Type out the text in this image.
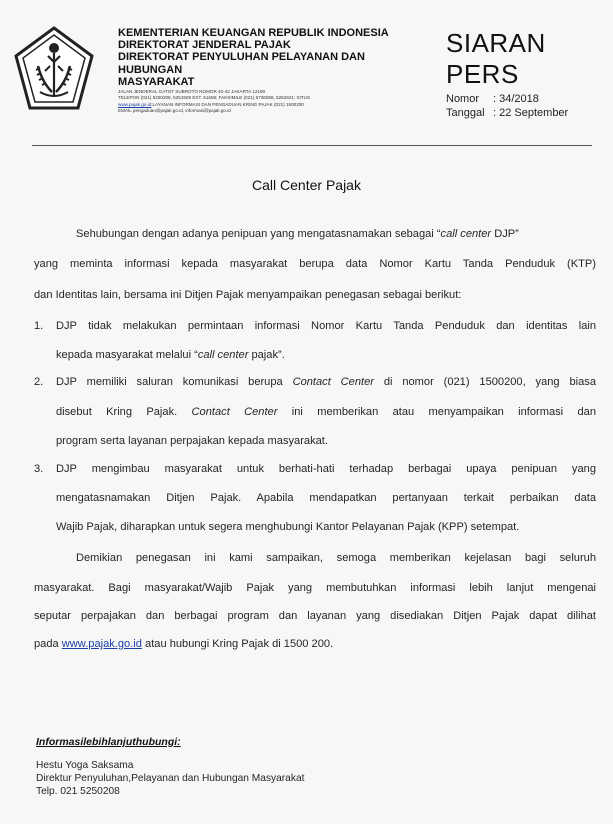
KEMENTERIAN KEUANGAN REPUBLIK INDONESIA
DIREKTORAT JENDERAL PAJAK
DIREKTORAT PENYULUHAN PELAYANAN DAN HUBUNGAN
MASYARAKAT
JALAN JENDERAL GATOT SUBROTO NOMOR 40-42 JAKARTA 12190
TELEPON (021) 5250208, 5251509 EXT. 51658; FAKSIMILE (021) 5736088, 5262921; SITUS
www.pajak.go.id;LAYANAN INFORMASI DAN PENGADUAN KRING PAJAK (021) 1500200
EMAIL pengaduan@pajak.go.id, informasi@pajak.go.id
SIARAN
PERS
Nomor	: 34/2018
Tanggal : 22 September
Call Center Pajak
Sehubungan dengan adanya penipuan yang mengatasnamakan sebagai “call center DJP”
yang meminta informasi kepada masyarakat berupa data Nomor Kartu Tanda Penduduk (KTP)
dan Identitas lain, bersama ini Ditjen Pajak menyampaikan penegasan sebagai berikut:
1. DJP tidak melakukan permintaan informasi Nomor Kartu Tanda Penduduk dan identitas lain
kepada masyarakat melalui “call center pajak”.
2. DJP memiliki saluran komunikasi berupa Contact Center di nomor (021) 1500200, yang biasa
disebut Kring Pajak. Contact Center ini memberikan atau menyampaikan informasi dan
program serta layanan perpajakan kepada masyarakat.
3. DJP mengimbau masyarakat untuk berhati-hati terhadap berbagai upaya penipuan yang
mengatasnamakan Ditjen Pajak. Apabila mendapatkan pertanyaan terkait perbaikan data
Wajib Pajak, diharapkan untuk segera menghubungi Kantor Pelayanan Pajak (KPP) setempat.
Demikian penegasan ini kami sampaikan, semoga memberikan kejelasan bagi seluruh
masyarakat. Bagi masyarakat/Wajib Pajak yang membutuhkan informasi lebih lanjut mengenai
seputar perpajakan dan berbagai program dan layanan yang disediakan Ditjen Pajak dapat dilihat
pada www.pajak.go.id atau hubungi Kring Pajak di 1500 200.
Informasilebihlanjuthubungi:
Hestu Yoga Saksama
Direktur Penyuluhan,Pelayanan dan Hubungan Masyarakat
Telp. 021 5250208
